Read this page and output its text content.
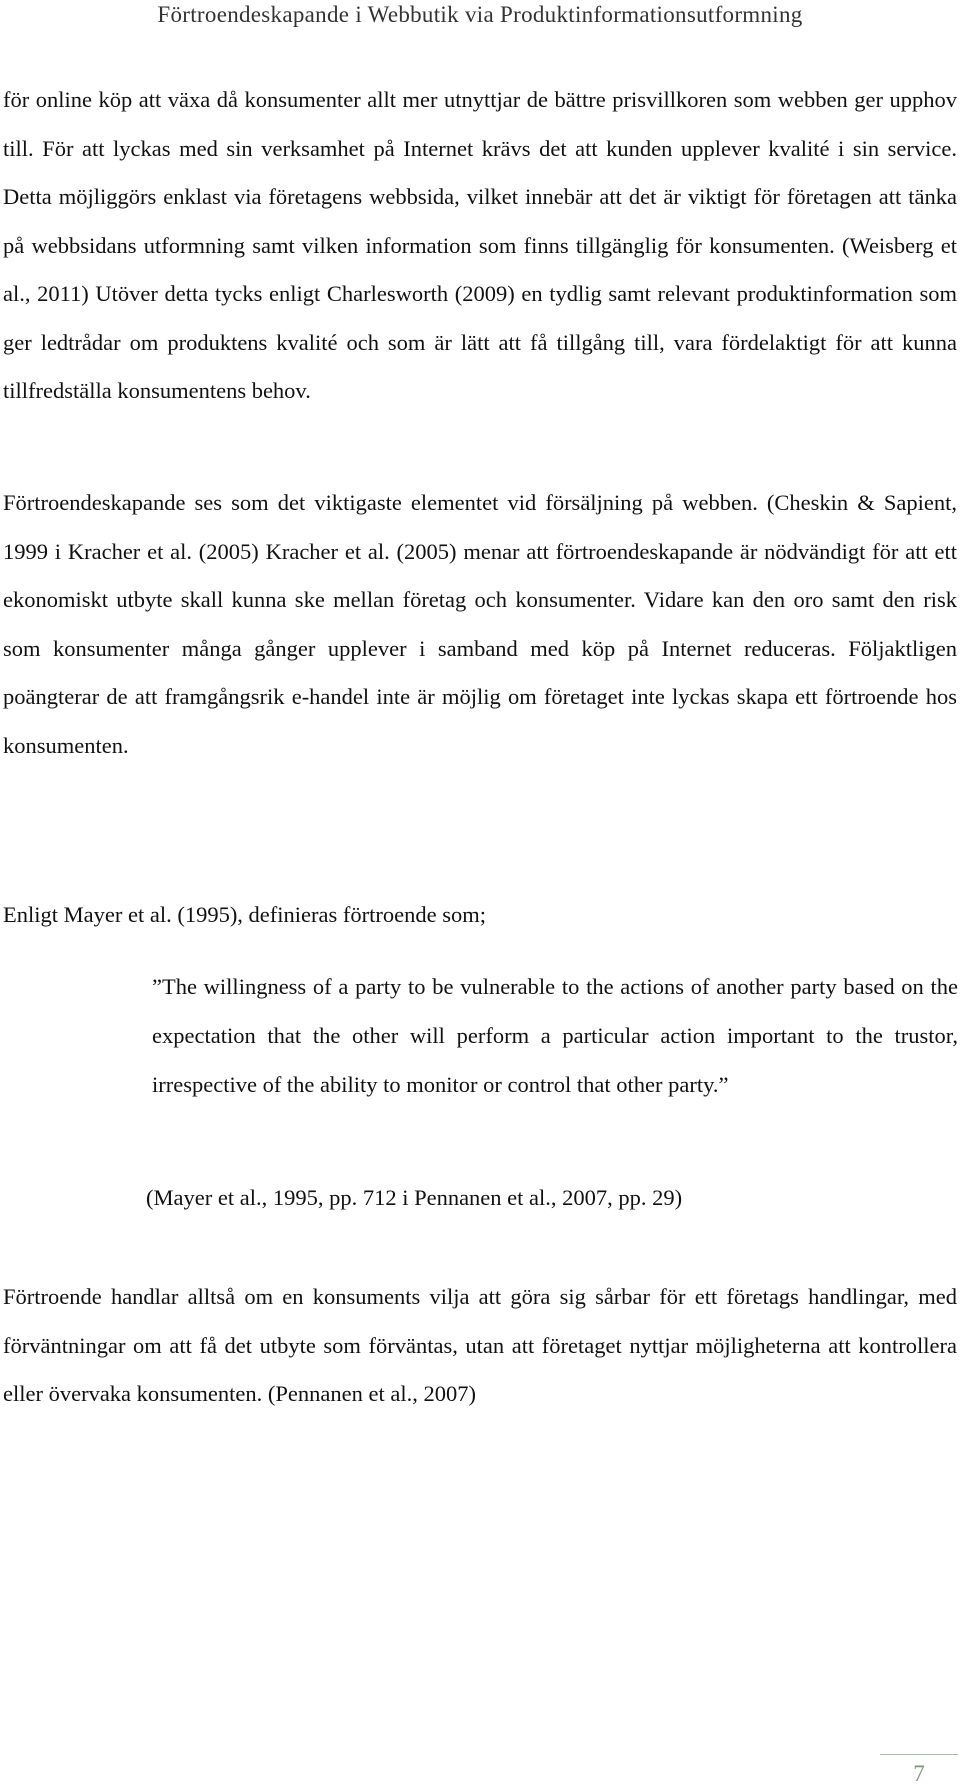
Förtroendeskapande i Webbutik via Produktinformationsutformning

för online köp att växa då konsumenter allt mer utnyttjar de bättre prisvillkoren som webben ger upphov till. För att lyckas med sin verksamhet på Internet krävs det att kunden upplever kvalité i sin service. Detta möjliggörs enklast via företagens webbsida, vilket innebär att det är viktigt för företagen att tänka på webbsidans utformning samt vilken information som finns tillgänglig för konsumenten. (Weisberg et al., 2011) Utöver detta tycks enligt Charlesworth (2009) en tydlig samt relevant produktinformation som ger ledtrådar om produktens kvalité och som är lätt att få tillgång till, vara fördelaktigt för att kunna tillfredställa konsumentens behov.

Förtroendeskapande ses som det viktigaste elementet vid försäljning på webben. (Cheskin & Sapient, 1999 i Kracher et al. (2005) Kracher et al. (2005) menar att förtroendeskapande är nödvändigt för att ett ekonomiskt utbyte skall kunna ske mellan företag och konsumenter. Vidare kan den oro samt den risk som konsumenter många gånger upplever i samband med köp på Internet reduceras. Följaktligen poängterar de att framgångsrik e-handel inte är möjlig om företaget inte lyckas skapa ett förtroende hos konsumenten.

Enligt Mayer et al. (1995), definieras förtroende som;

”The willingness of a party to be vulnerable to the actions of another party based on the expectation that the other will perform a particular action important to the trustor, irrespective of the ability to monitor or control that other party.”

(Mayer et al., 1995, pp. 712 i Pennanen et al., 2007, pp. 29)

Förtroende handlar alltså om en konsuments vilja att göra sig sårbar för ett företags handlingar, med förväntningar om att få det utbyte som förväntas, utan att företaget nyttjar möjligheterna att kontrollera eller övervaka konsumenten. (Pennanen et al., 2007)

7
